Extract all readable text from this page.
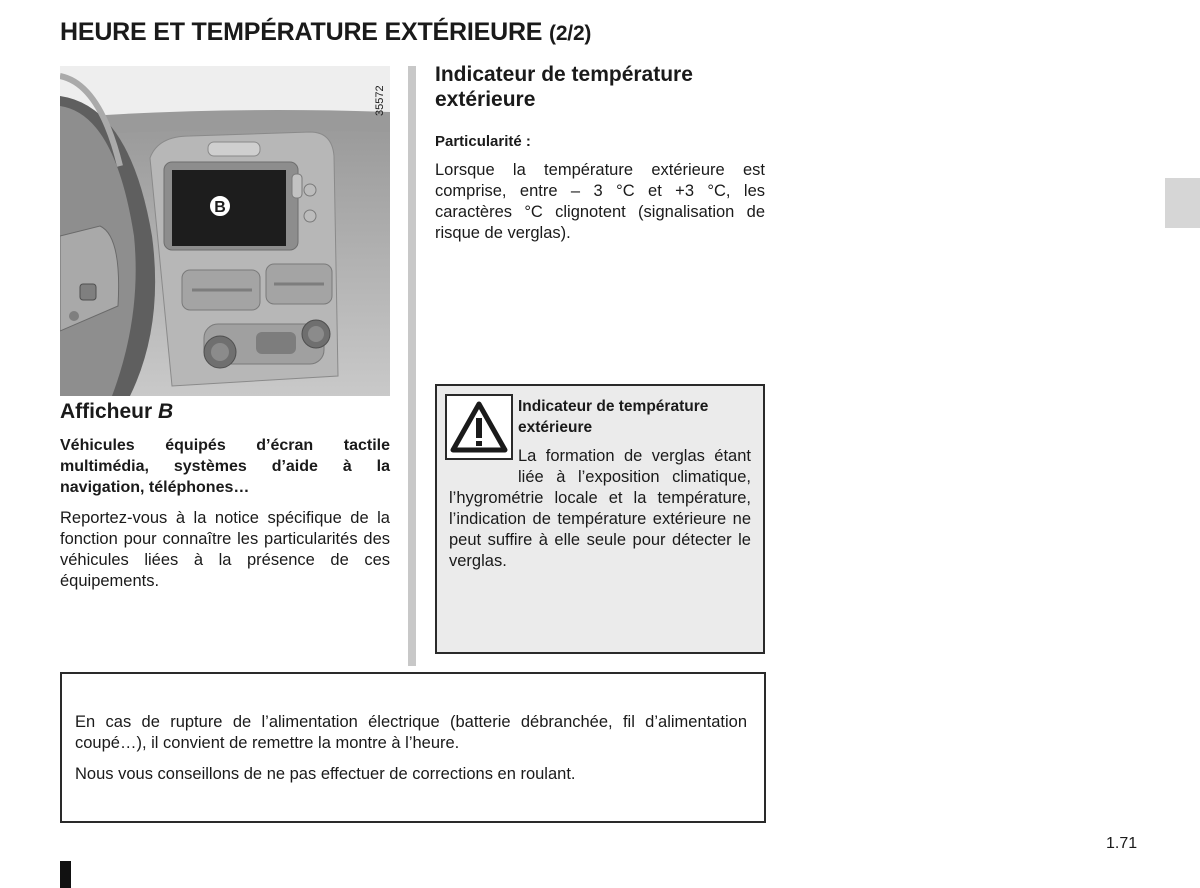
HEURE ET TEMPÉRATURE EXTÉRIEURE (2/2)
B
35572
Indicateur de température extérieure
Particularité :
Lorsque la température extérieure est comprise, entre – 3 °C et +3 °C, les caractères °C clignotent (signalisation de risque de verglas).
Indicateur de température extérieure
La formation de verglas étant liée à l’exposition climatique, l’hygrométrie locale et la température, l’indication de température extérieure ne peut suffire à elle seule pour détecter le verglas.
Afficheur B
Véhicules équipés d’écran tactile multimédia, systèmes d’aide à la navigation, téléphones…
Reportez-vous à la notice spécifique de la fonction pour connaître les particularités des véhicules liées à la présence de ces équipements.
En cas de rupture de l’alimentation électrique (batterie débranchée, fil d’alimentation coupé…), il convient de remettre la montre à l’heure.
Nous vous conseillons de ne pas effectuer de corrections en roulant.
1.71
